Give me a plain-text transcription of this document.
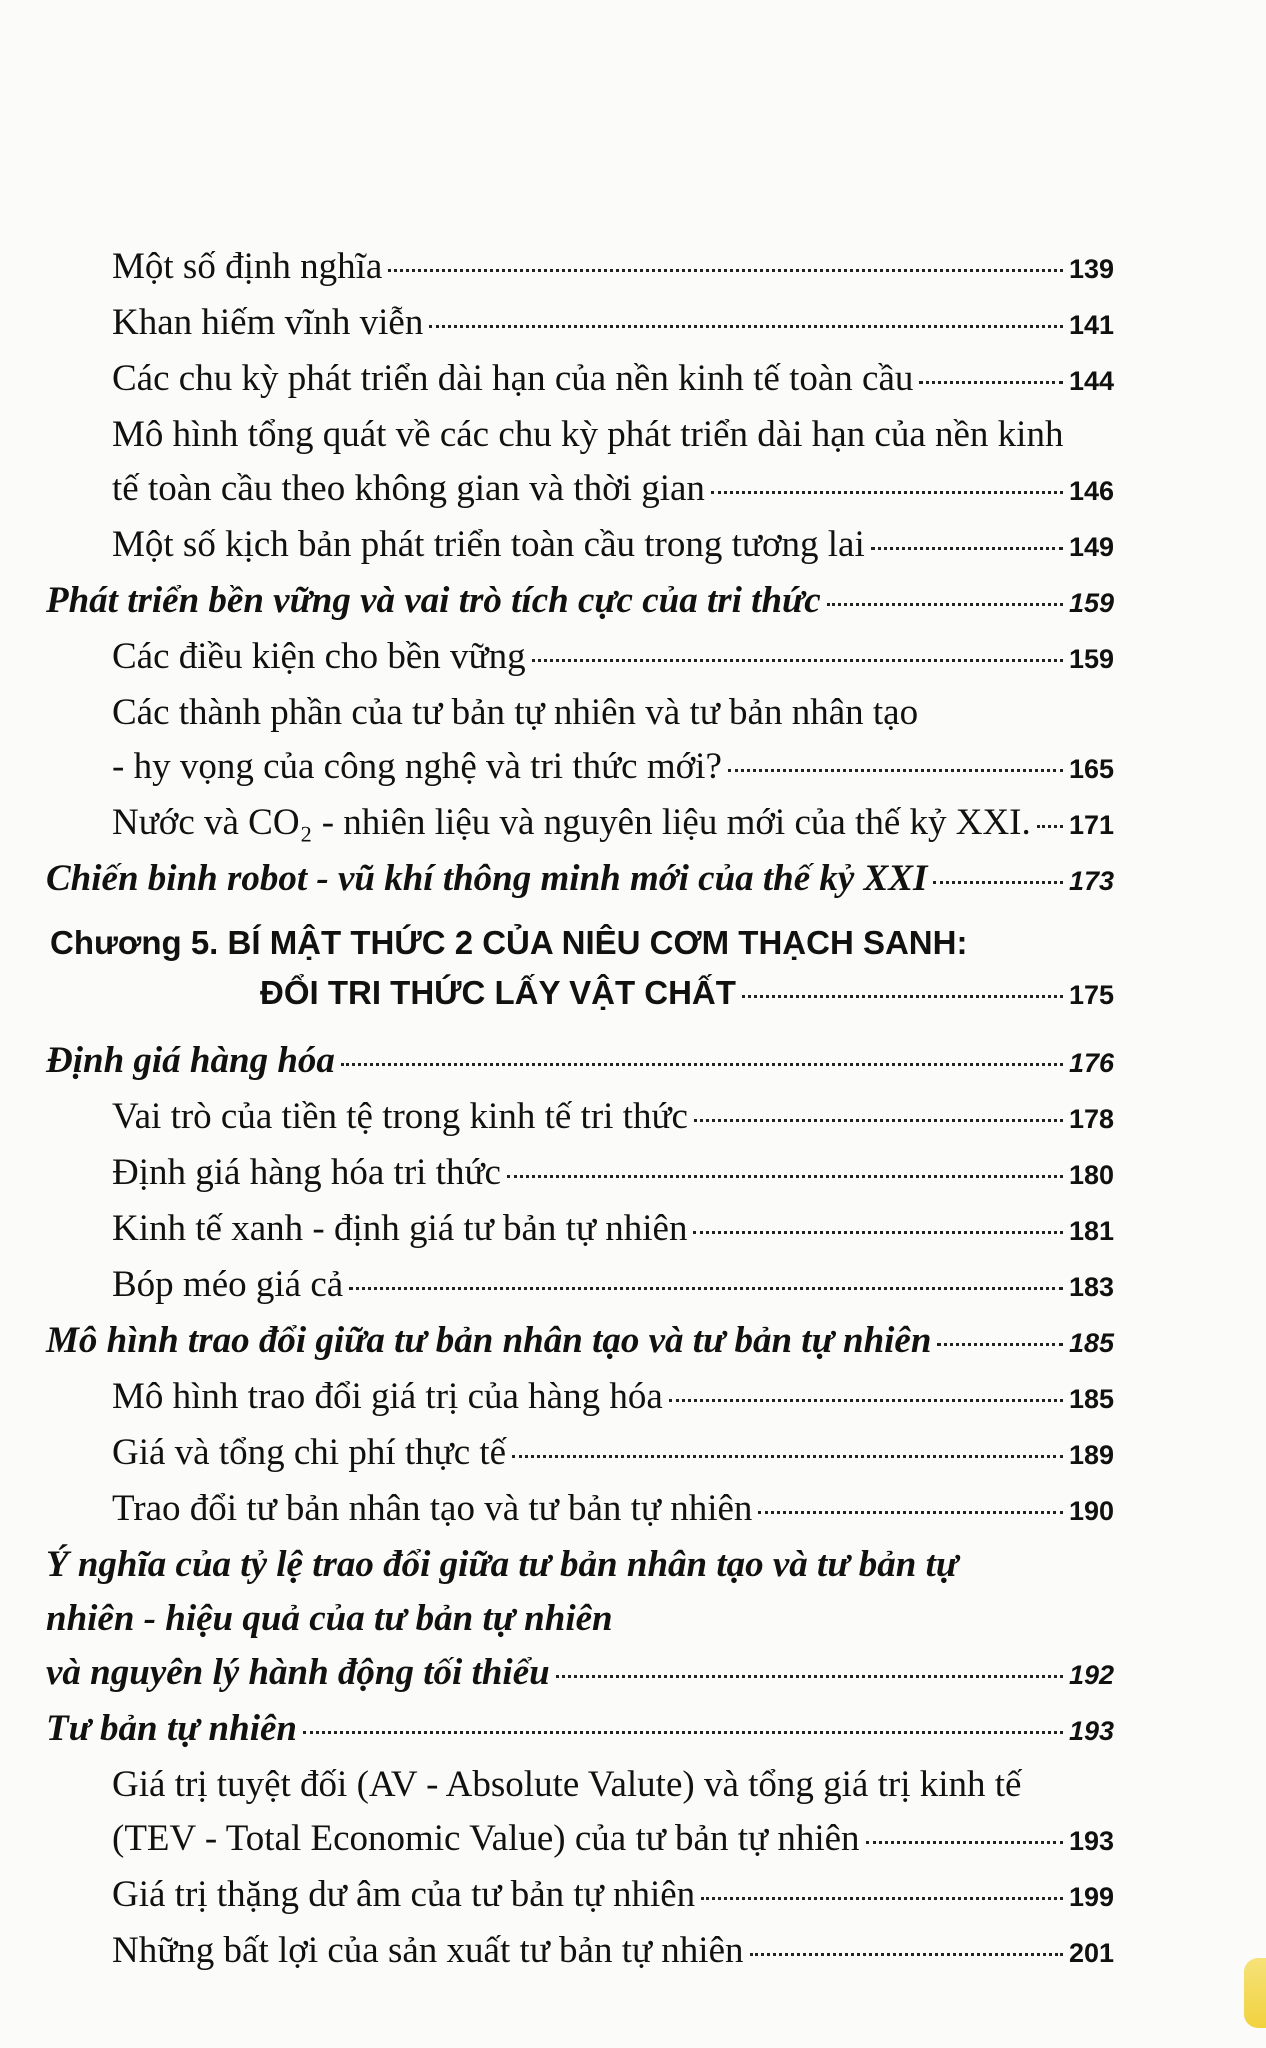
Một số định nghĩa	139
Khan hiếm vĩnh viễn	141
Các chu kỳ phát triển dài hạn của nền kinh tế toàn cầu	144
Mô hình tổng quát về các chu kỳ phát triển dài hạn của nền kinh
tế toàn cầu theo không gian và thời gian	146
Một số kịch bản phát triển toàn cầu trong tương lai	149
Phát triển bền vững và vai trò tích cực của tri thức	159
Các điều kiện cho bền vững	159
Các thành phần của tư bản tự nhiên và tư bản nhân tạo
- hy vọng của công nghệ và tri thức mới?	165
Nước và CO₂ - nhiên liệu và nguyên liệu mới của thế kỷ XXI. 171
Chiến binh robot - vũ khí thông minh mới của thế kỷ XXI	173
Chương 5. BÍ MẬT THỨC 2 CỦA NIÊU CƠM THẠCH SANH:
ĐỔI TRI THỨC LẤY VẬT CHẤT	175
Định giá hàng hóa	176
Vai trò của tiền tệ trong kinh tế tri thức	178
Định giá hàng hóa tri thức	180
Kinh tế xanh - định giá tư bản tự nhiên	181
Bóp méo giá cả	183
Mô hình trao đổi giữa tư bản nhân tạo và tư bản tự nhiên	185
Mô hình trao đổi giá trị của hàng hóa	185
Giá và tổng chi phí thực tế	189
Trao đổi tư bản nhân tạo và tư bản tự nhiên	190
Ý nghĩa của tỷ lệ trao đổi giữa tư bản nhân tạo và tư bản tự
nhiên - hiệu quả của tư bản tự nhiên
và nguyên lý hành động tối thiểu	192
Tư bản tự nhiên	193
Giá trị tuyệt đối (AV - Absolute Valute) và tổng giá trị kinh tế
(TEV - Total Economic Value) của tư bản tự nhiên	193
Giá trị thặng dư âm của tư bản tự nhiên	199
Những bất lợi của sản xuất tư bản tự nhiên	201
